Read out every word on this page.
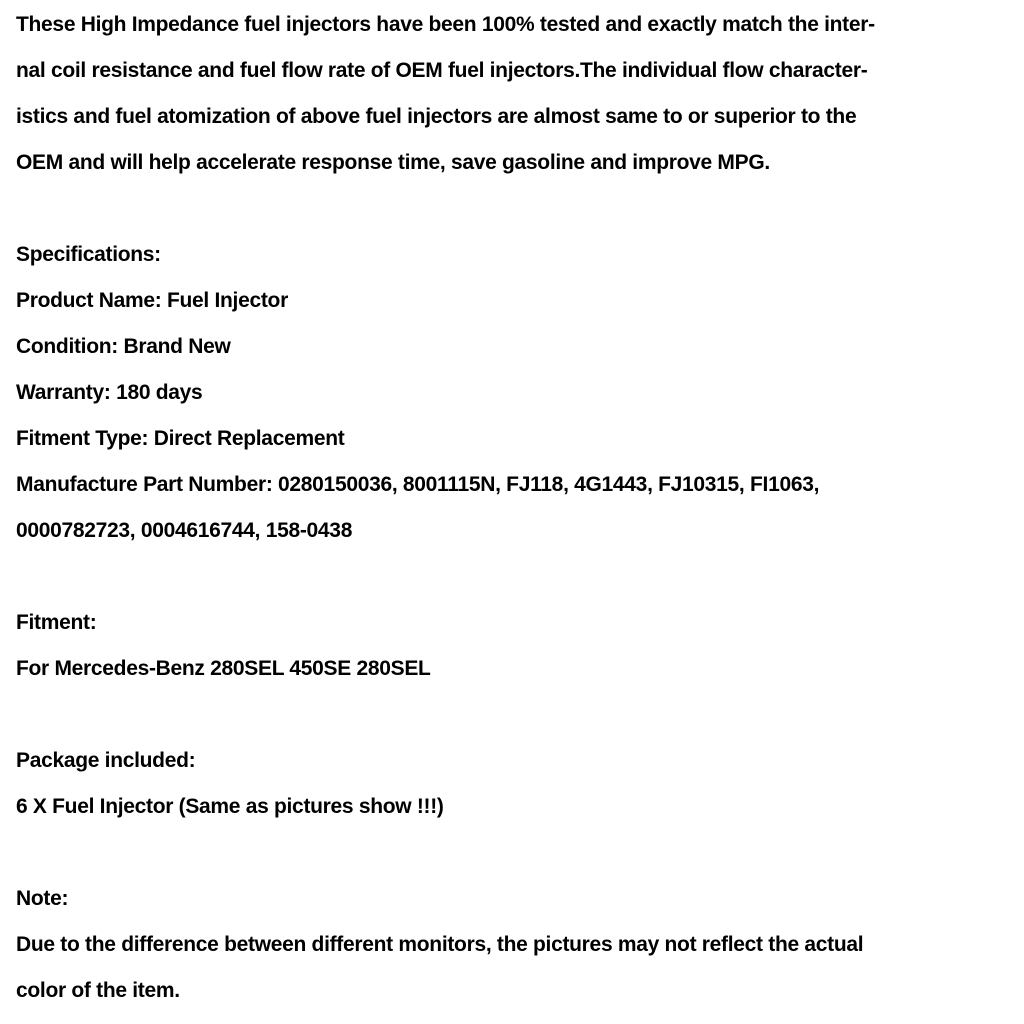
These High Impedance fuel injectors have been 100% tested and exactly match the inter-
nal coil resistance and fuel flow rate of OEM fuel injectors.The individual flow character-
istics and fuel atomization of above fuel injectors are almost same to or superior to the
OEM and will help accelerate response time, save gasoline and improve MPG.
Specifications:
Product Name: Fuel Injector
Condition: Brand New
Warranty: 180 days
Fitment Type: Direct Replacement
Manufacture Part Number: 0280150036, 8001115N, FJ118, 4G1443, FJ10315, FI1063,
0000782723, 0004616744, 158-0438
Fitment:
For Mercedes-Benz 280SEL 450SE 280SEL
Package included:
6 X Fuel Injector (Same as pictures show !!!)
Note:
Due to the difference between different monitors, the pictures may not reflect the actual
color of the item.
